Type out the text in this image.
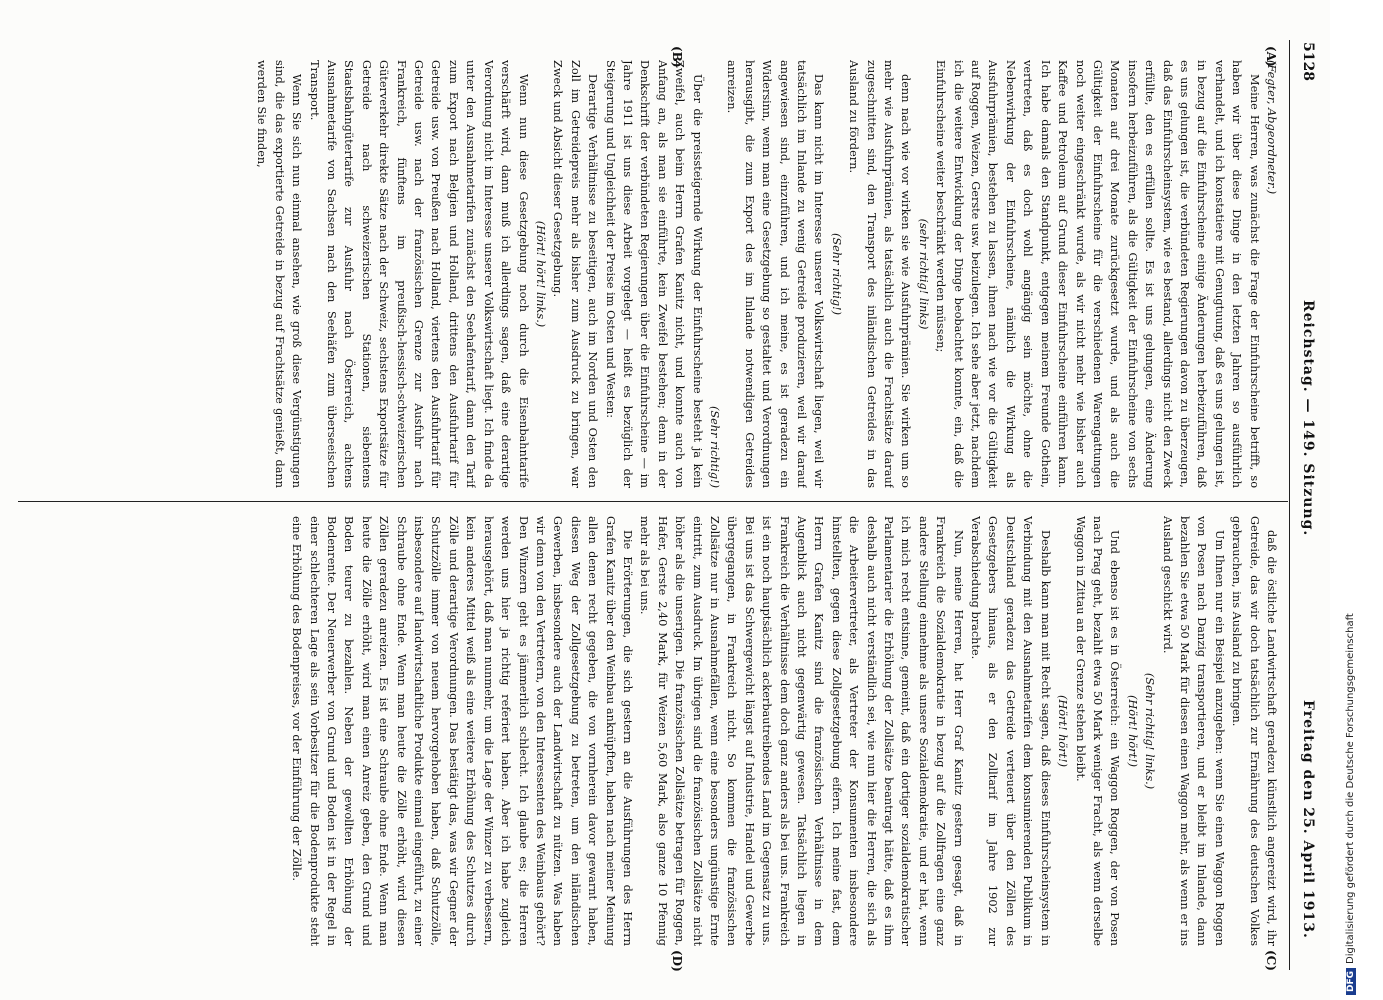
5128
Reichstag. — 149. Sitzung.
Freitag den 25. April 1913.
(A)
(B)
(C)
(D)

(Fegter, Abgeordneter.)

Meine Herren, was zunächst die Frage der Einfuhrscheine betrifft, so haben wir über diese Dinge in den letzten Jahren so ausführlich verhandelt, und ich konstatiere mit Genugtuung, daß es uns gelungen ist, in bezug auf die Einfuhrscheine einige Änderungen herbeizuführen, daß es uns gelungen ist, die verbündeten Regierungen davon zu überzeugen, daß das Einfuhrscheinsystem, wie es bestand, allerdings nicht den Zweck erfüllte, den es erfüllen sollte. Es ist uns gelungen, eine Änderung insofern herbeizuführen, als die Gültigkeit der Einfuhrscheine von sechs Monaten auf drei Monate zurückgesetzt wurde, und als auch die Gültigkeit der Einfuhrscheine für die verschiedenen Warengattungen noch weiter eingeschränkt wurde, als wir nicht mehr wie bisher auch Kaffee und Petroleum auf Grund dieser Einfuhrscheine einführen kann. Ich habe damals den Standpunkt, entgegen meinem Freunde Gothein, vertreten, daß es doch wohl angängig sein möchte, ohne die Nebenwirkung der Einfuhrscheine, nämlich die Wirkung als Ausfuhrprämien, bestehen zu lassen, ihnen nach wie vor die Gültigkeit auf Roggen, Weizen, Gerste usw. beizulegen. Ich sehe aber jetzt, nachdem ich die weitere Entwicklung der Dinge beobachtet konnte, ein, daß die Einfuhrscheine weiter beschränkt werden müssen;

(sehr richtig! links)

denn nach wie vor wirken sie wie Ausfuhrprämien. Sie wirken um so mehr wie Ausfuhrprämien, als tatsächlich auch die Frachtsätze darauf zugeschnitten sind, den Transport des inländischen Getreides in das Ausland zu fördern.

(Sehr richtig!)

Das kann nicht im Interesse unserer Volkswirtschaft liegen, weil wir tatsächlich im Inlande zu wenig Getreide produzieren, weil wir darauf angewiesen sind, einzuführen, und ich meine, es ist geradezu ein Widersinn, wenn man eine Gesetzgebung so gestaltet und Verordnungen herausgibt, die zum Export des im Inlande notwendigen Getreides anreizen.

(Sehr richtig!)

Über die preissteigernde Wirkung der Einfuhrscheine besteht ja kein Zweifel, auch beim Herrn Grafen Kanitz nicht, und konnte auch von Anfang an, als man sie einführte, kein Zweifel bestehen; denn in der Denkschrift der verbündeten Regierungen über die Einfuhrscheine — im Jahre 1911 ist uns diese Arbeit vorgelegt — heißt es bezüglich der Steigerung und Ungleichheit der Preise im Osten und Westen:

Derartige Verhältnisse zu beseitigen, auch im Norden und Osten den Zoll im Getreidepreis mehr als bisher zum Ausdruck zu bringen, war Zweck und Absicht dieser Gesetzgebung.

(Hört! hört! links.)

Wenn nun diese Gesetzgebung noch durch die Eisenbahntarife verschärft wird, dann muß ich allerdings sagen, daß eine derartige Verordnung nicht im Interesse unserer Volkswirtschaft liegt. Ich finde da unter den Ausnahmetarifen zunächst den Seehafentarif, dann den Tarif zum Export nach Belgien und Holland, drittens den Ausfuhrtarif für Getreide usw. von Preußen nach Holland, viertens den Ausfuhrtarif für Getreide usw. nach der französischen Grenze zur Ausfuhr nach Frankreich, fünftens im preußisch-hessisch-schweizerischen Güterverkehr direkte Sätze nach der Schweiz, sechstens Exportsätze für Getreide nach schweizerischen Stationen, siebentens Staatsbahngütertarife zur Ausfuhr nach Österreich, achtens Ausnahmetarife von Sachsen nach den Seehäfen zum überseeischen Transport.

Wenn Sie sich nun einmal ansehen, wie groß diese Vergünstigungen sind, die das exportierte Getreide in bezug auf Frachtsätze genießt, dann werden Sie finden,

daß die östliche Landwirtschaft geradezu künstlich angereizt wird, ihr Getreide, das wir doch tatsächlich zur Ernährung des deutschen Volkes gebrauchen, ins Ausland zu bringen.

Um Ihnen nur ein Beispiel anzugeben: wenn Sie einen Waggon Roggen von Posen nach Danzig transportieren, und er bleibt im Inlande, dann bezahlen Sie etwa 50 Mark für diesen einen Waggon mehr, als wenn er ins Ausland geschickt wird.

(Sehr richtig! links.)

(Hört! hört!)

Und ebenso ist es in Österreich: ein Waggon Roggen, der von Posen nach Prag geht, bezahlt etwa 50 Mark weniger Fracht, als wenn derselbe Waggon in Zittau an der Grenze stehen bleibt.

(Hört! hört!)

Deshalb kann man mit Recht sagen, daß dieses Einfuhrscheinsystem in Verbindung mit den Ausnahmetarifen dem konsumierenden Publikum in Deutschland geradezu das Getreide verteuert über den Zöllen des Gesetzgebers hinaus, als er den Zolltarif im Jahre 1902 zur Verabschiedung brachte.

Nun, meine Herren, hat Herr Graf Kanitz gestern gesagt, daß in Frankreich die Sozialdemokratie in bezug auf die Zollfragen eine ganz andere Stellung einnehme als unsere Sozialdemokratie, und er hat, wenn ich mich recht entsinne, gemeint, daß ein dortiger sozialdemokratischer Parlamentarier die Erhöhung der Zollsätze beantragt hätte, daß es ihm deshalb auch nicht verständlich sei, wie nun hier die Herren, die sich als die Arbeitervertreter, als Vertreter der Konsumenten insbesondere hinstellten, gegen diese Zollgesetzgebung eifern. Ich meine fast, dem Herrn Grafen Kanitz sind die französischen Verhältnisse in dem Augenblick auch nicht gegenwärtig gewesen. Tatsächlich liegen in Frankreich die Verhältnisse dem doch ganz anders als bei uns. Frankreich ist ein noch hauptsächlich ackerbautreibendes Land im Gegensatz zu uns. Bei uns ist das Schwergewicht längst auf Industrie, Handel und Gewerbe übergegangen, in Frankreich nicht. So kommen die französischen Zollsätze nur in Ausnahmefällen, wenn eine besonders ungünstige Ernte eintritt, zum Ausdruck. Im übrigen sind die französischen Zollsätze nicht höher als die unserigen. Die französischen Zollsätze betragen für Roggen, Hafer, Gerste 2,40 Mark, für Weizen 5,60 Mark, also ganze 10 Pfennig mehr als bei uns.

Die Erörterungen, die sich gestern an die Ausführungen des Herrn Grafen Kanitz über den Weinbau anknüpften, haben nach meiner Meinung allen denen recht gegeben, die von vornherein davor gewarnt haben, diesen Weg der Zollgesetzgebung zu betreten, um den inländischen Gewerben, insbesondere auch der Landwirtschaft zu nützen. Was haben wir denn von den Vertretern, von den Interessenten des Weinbaus gehört? Den Winzern geht es jämmerlich schlecht. Ich glaube es; die Herren werden uns hier ja richtig referiert haben. Aber ich habe zugleich herausgehört, daß man nunmehr, um die Lage der Winzer zu verbessern, kein anderes Mittel weiß als eine weitere Erhöhung des Schutzes durch Zölle und derartige Verordnungen. Das bestätigt das, was wir Gegner der Schutzzölle immer von neuem hervorgehoben haben, daß Schutzzölle, insbesondere auf landwirtschaftliche Produkte einmal eingeführt, zu einer Schraube ohne Ende. Wenn man heute die Zölle erhöht, wird diesen Zöllen geradezu anreizen. Es ist eine Schraube ohne Ende. Wenn man heute die Zölle erhöht, wird man einen Anreiz geben, den Grund und Boden teurer zu bezahlen. Neben der gewollten Erhöhung der Bodenrente. Der Neuerwerber von Grund und Boden ist in der Regel in einer schlechteren Lage als sein Vorbesitzer für die Bodenprodukte steht eine Erhöhung des Bodenpreises, vor der Einführung der Zölle.

DFGDigitalisierung gefördert durch die Deutsche Forschungsgemeinschaft
